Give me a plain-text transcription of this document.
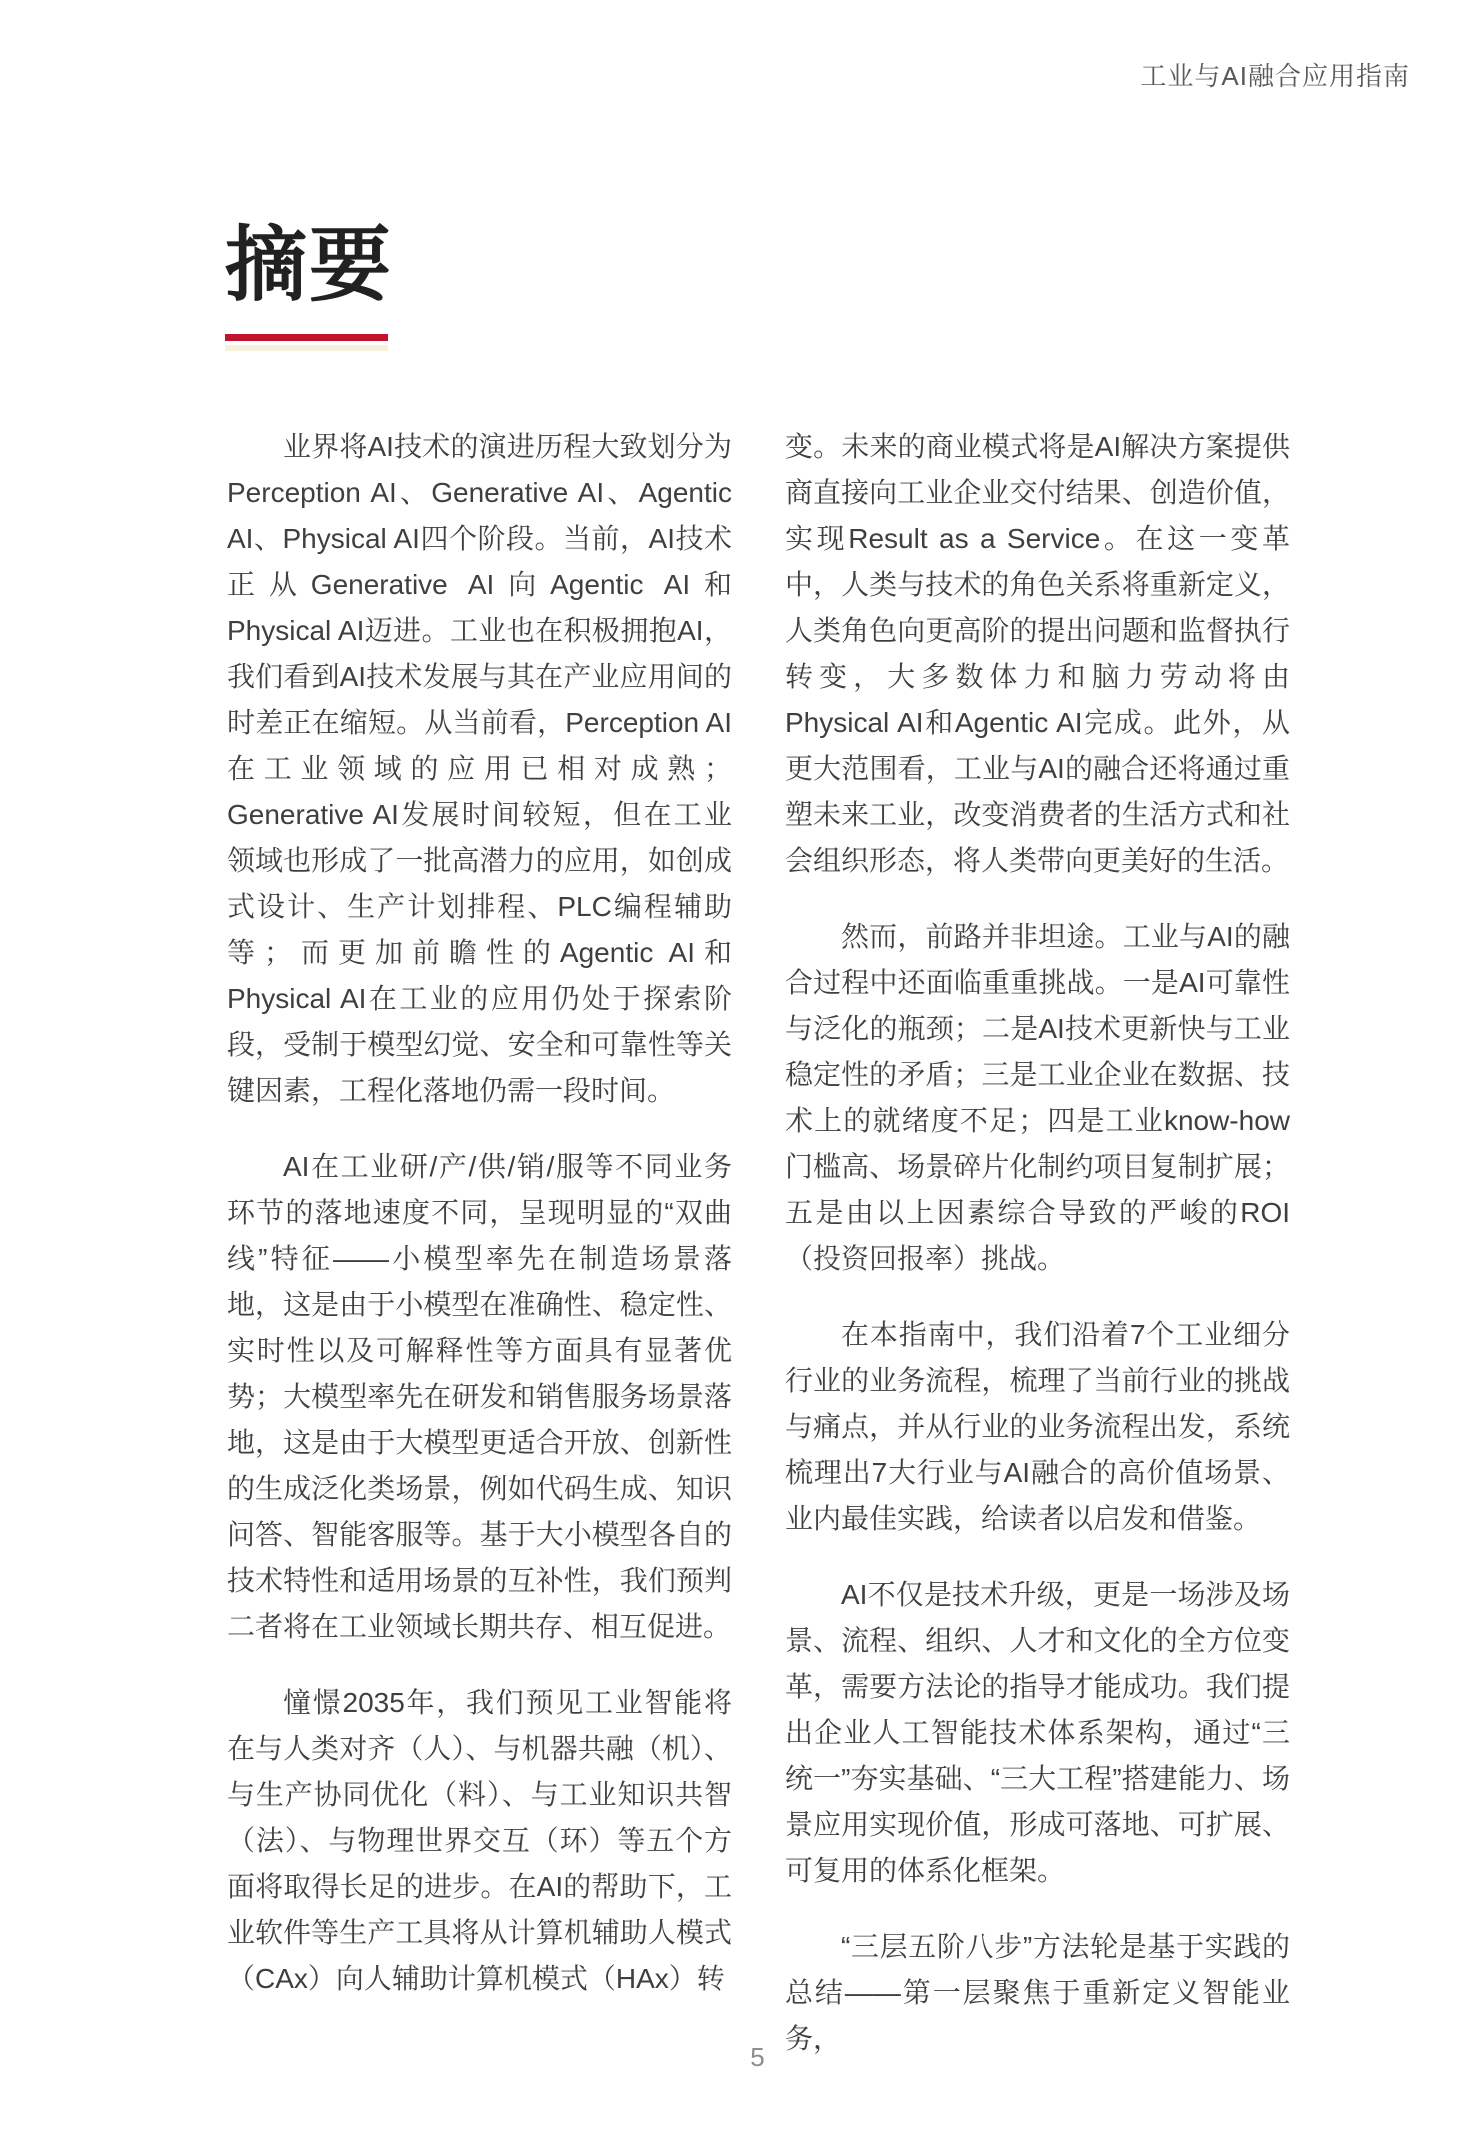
工业与AI融合应用指南
摘要

业界将AI技术的演进历程大致划分为Perception AI、Generative AI、Agentic AI、Physical AI四个阶段。当前，AI技术正从Generative AI向Agentic AI和Physical AI迈进。工业也在积极拥抱AI，我们看到AI技术发展与其在产业应用间的时差正在缩短。从当前看，Perception AI在工业领域的应用已相对成熟；Generative AI发展时间较短，但在工业领域也形成了一批高潜力的应用，如创成式设计、生产计划排程、PLC编程辅助等；而更加前瞻性的Agentic AI和Physical AI在工业的应用仍处于探索阶段，受制于模型幻觉、安全和可靠性等关键因素，工程化落地仍需一段时间。

AI在工业研/产/供/销/服等不同业务环节的落地速度不同，呈现明显的“双曲线”特征——小模型率先在制造场景落地，这是由于小模型在准确性、稳定性、实时性以及可解释性等方面具有显著优势；大模型率先在研发和销售服务场景落地，这是由于大模型更适合开放、创新性的生成泛化类场景，例如代码生成、知识问答、智能客服等。基于大小模型各自的技术特性和适用场景的互补性，我们预判二者将在工业领域长期共存、相互促进。

憧憬2035年，我们预见工业智能将在与人类对齐（人）、与机器共融（机）、与生产协同优化（料）、与工业知识共智（法）、与物理世界交互（环）等五个方面将取得长足的进步。在AI的帮助下，工业软件等生产工具将从计算机辅助人模式（CAx）向人辅助计算机模式（HAx）转

变。未来的商业模式将是AI解决方案提供商直接向工业企业交付结果、创造价值，实现Result as a Service。在这一变革中，人类与技术的角色关系将重新定义，人类角色向更高阶的提出问题和监督执行转变，大多数体力和脑力劳动将由Physical AI和Agentic AI完成。此外，从更大范围看，工业与AI的融合还将通过重塑未来工业，改变消费者的生活方式和社会组织形态，将人类带向更美好的生活。

然而，前路并非坦途。工业与AI的融合过程中还面临重重挑战。一是AI可靠性与泛化的瓶颈；二是AI技术更新快与工业稳定性的矛盾；三是工业企业在数据、技术上的就绪度不足；四是工业know-how门槛高、场景碎片化制约项目复制扩展；五是由以上因素综合导致的严峻的ROI（投资回报率）挑战。

在本指南中，我们沿着7个工业细分行业的业务流程，梳理了当前行业的挑战与痛点，并从行业的业务流程出发，系统梳理出7大行业与AI融合的高价值场景、业内最佳实践，给读者以启发和借鉴。

AI不仅是技术升级，更是一场涉及场景、流程、组织、人才和文化的全方位变革，需要方法论的指导才能成功。我们提出企业人工智能技术体系架构，通过“三统一”夯实基础、“三大工程”搭建能力、场景应用实现价值，形成可落地、可扩展、可复用的体系化框架。

“三层五阶八步”方法轮是基于实践的总结——第一层聚焦于重新定义智能业务，

5
